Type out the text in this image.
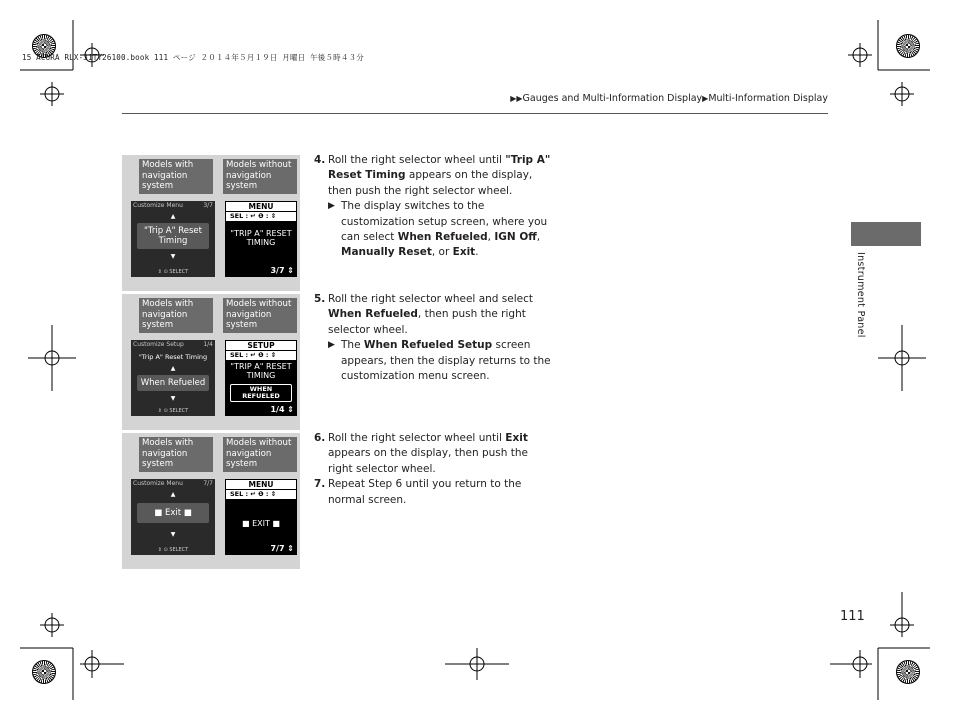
15 ACURA RLX-31TY26100.book 111 ページ ２０１４年５月１９日 月曜日 午後５時４３分
▶▶Gauges and Multi-Information Display▶Multi-Information Display
Models with navigation system
Models without navigation system
Customize Menu	3/7
▲
"Trip A" Reset Timing
▼
⇕ ⊙ SELECT
MENU
SEL : ↵ ❶ : ⇕
"TRIP A" RESET TIMING
3/7 ⇕
Models with navigation system
Models without navigation system
Customize Setup	1/4
"Trip A" Reset Timing
▲
When Refueled
▼
⇕ ⊙ SELECT
SETUP
SEL : ↵ ❶ : ⇕
"TRIP A" RESET TIMING
WHEN REFUELED
1/4 ⇕
Models with navigation system
Models without navigation system
Customize Menu	7/7
▲
■ Exit ■
▼
⇕ ⊙ SELECT
MENU
SEL : ↵ ❶ : ⇕
■ EXIT ■
7/7 ⇕
4. Roll the right selector wheel until "Trip A" Reset Timing appears on the display, then push the right selector wheel.
▶ The display switches to the customization setup screen, where you can select When Refueled, IGN Off, Manually Reset, or Exit.
5. Roll the right selector wheel and select When Refueled, then push the right selector wheel.
▶ The When Refueled Setup screen appears, then the display returns to the customization menu screen.
6. Roll the right selector wheel until Exit appears on the display, then push the right selector wheel.
7. Repeat Step 6 until you return to the normal screen.
Instrument Panel
111
